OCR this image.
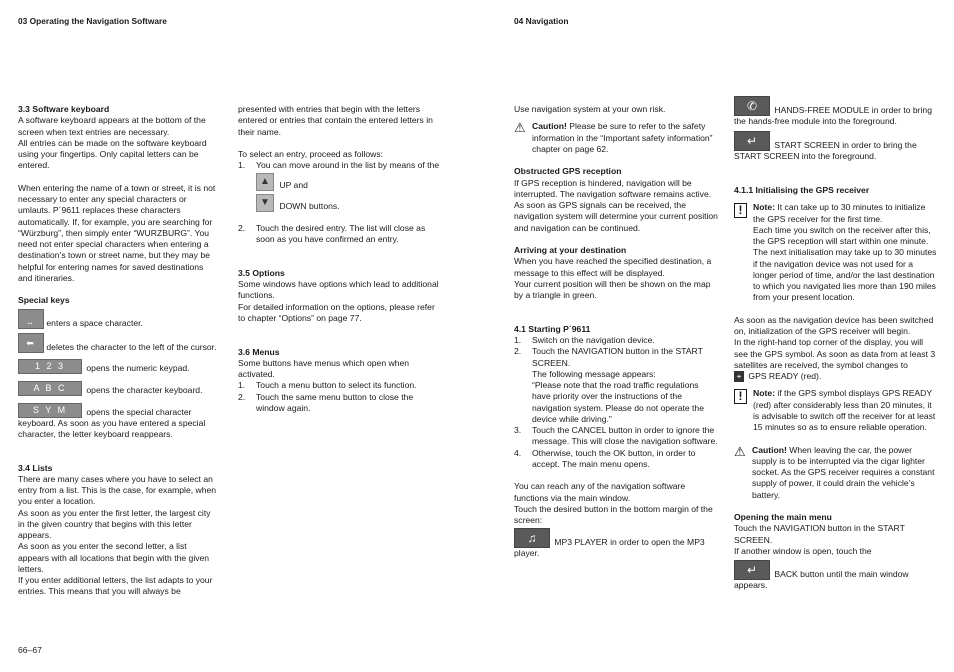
03 Operating the Navigation Software	04 Navigation

3.3 Software keyboard

A software keyboard appears at the bottom of the screen when text entries are necessary.

All entries can be made on the software keyboard using your fingertips. Only capital letters can be entered.

When entering the name of a town or street, it is not necessary to enter any special characters or umlauts. P´9611 replaces these characters automatically. If, for example, you are searching for “Würzburg”, then simply enter “WURZBURG”. You need not enter special characters when entering a destination’s town or street name, but they may be helpful for entering names for saved destinations and itineraries.

Special keys

⎵ enters a space character.

⬅ deletes the character to the left of the cursor.

1 2 3 opens the numeric keypad.

A B C opens the character keyboard.

S Y M opens the special character keyboard. As soon as you have entered a special character, the letter keyboard reappears.

3.4 Lists

There are many cases where you have to select an entry from a list. This is the case, for example, when you enter a location.

As soon as you enter the first letter, the largest city in the given country that begins with this letter appears.

As soon as you enter the second letter, a list appears with all locations that begin with the given letters.

If you enter additional letters, the list adapts to your entries. This means that you will always be

presented with entries that begin with the letters entered or entries that contain the entered letters in their name.

To select an entry, proceed as follows:

1.	You can move around in the list by means of the

▲ UP and

▼ DOWN buttons.

2.	Touch the desired entry. The list will close as soon as you have confirmed an entry.

3.5 Options

Some windows have options which lead to additional functions.

For detailed information on the options, please refer to chapter “Options” on page 77.

3.6 Menus

Some buttons have menus which open when activated.

1.	Touch a menu button to select its function.
2.	Touch the same menu button to close the window again.

Use navigation system at your own risk.

⚠ Caution! Please be sure to refer to the safety information in the “Important safety information” chapter on page 62.

Obstructed GPS reception

If GPS reception is hindered, navigation will be interrupted. The navigation software remains active. As soon as GPS signals can be received, the navigation system will determine your current position and navigation can be continued.

Arriving at your destination

When you have reached the specified destination, a message to this effect will be displayed.

Your current position will then be shown on the map by a triangle in green.

4.1 Starting P´9611

1.	Switch on the navigation device.
2.	Touch the NAVIGATION button in the START SCREEN.
The following message appears:
“Please note that the road traffic regulations have priority over the instructions of the navigation system. Please do not operate the device while driving.”
3.	Touch the CANCEL button in order to ignore the message. This will close the navigation software.
4.	Otherwise, touch the OK button, in order to accept. The main menu opens.

You can reach any of the navigation software functions via the main window.

Touch the desired button in the bottom margin of the screen:

♫ MP3 PLAYER in order to open the MP3 player.

✆ HANDS-FREE MODULE in order to bring the hands-free module into the foreground.

↵ START SCREEN in order to bring the START SCREEN into the foreground.

4.1.1 Initialising the GPS receiver

!	Note: It can take up to 30 minutes to initialize the GPS receiver for the first time.
Each time you switch on the receiver after this, the GPS reception will start within one minute.
The next initialisation may take up to 30 minutes if the navigation device was not used for a longer period of time, and/or the last destination to which you navigated lies more than 190 miles from your present location.

As soon as the navigation device has been switched on, initialization of the GPS receiver will begin.

In the right-hand top corner of the display, you will see the GPS symbol. As soon as data from at least 3 satellites are received, the symbol changes to

⌖ GPS READY (red).

!	Note: if the GPS symbol displays GPS READY (red) after considerably less than 20 minutes, it is advisable to switch off the receiver for at least 15 minutes so as to ensure reliable operation.
⚠ Caution! When leaving the car, the power supply is to be interrupted via the cigar lighter socket. As the GPS receiver requires a constant supply of power, it could drain the vehicle’s battery.

Opening the main menu

Touch the NAVIGATION button in the START SCREEN.

If another window is open, touch the

↵ BACK button until the main window appears.

66–67
